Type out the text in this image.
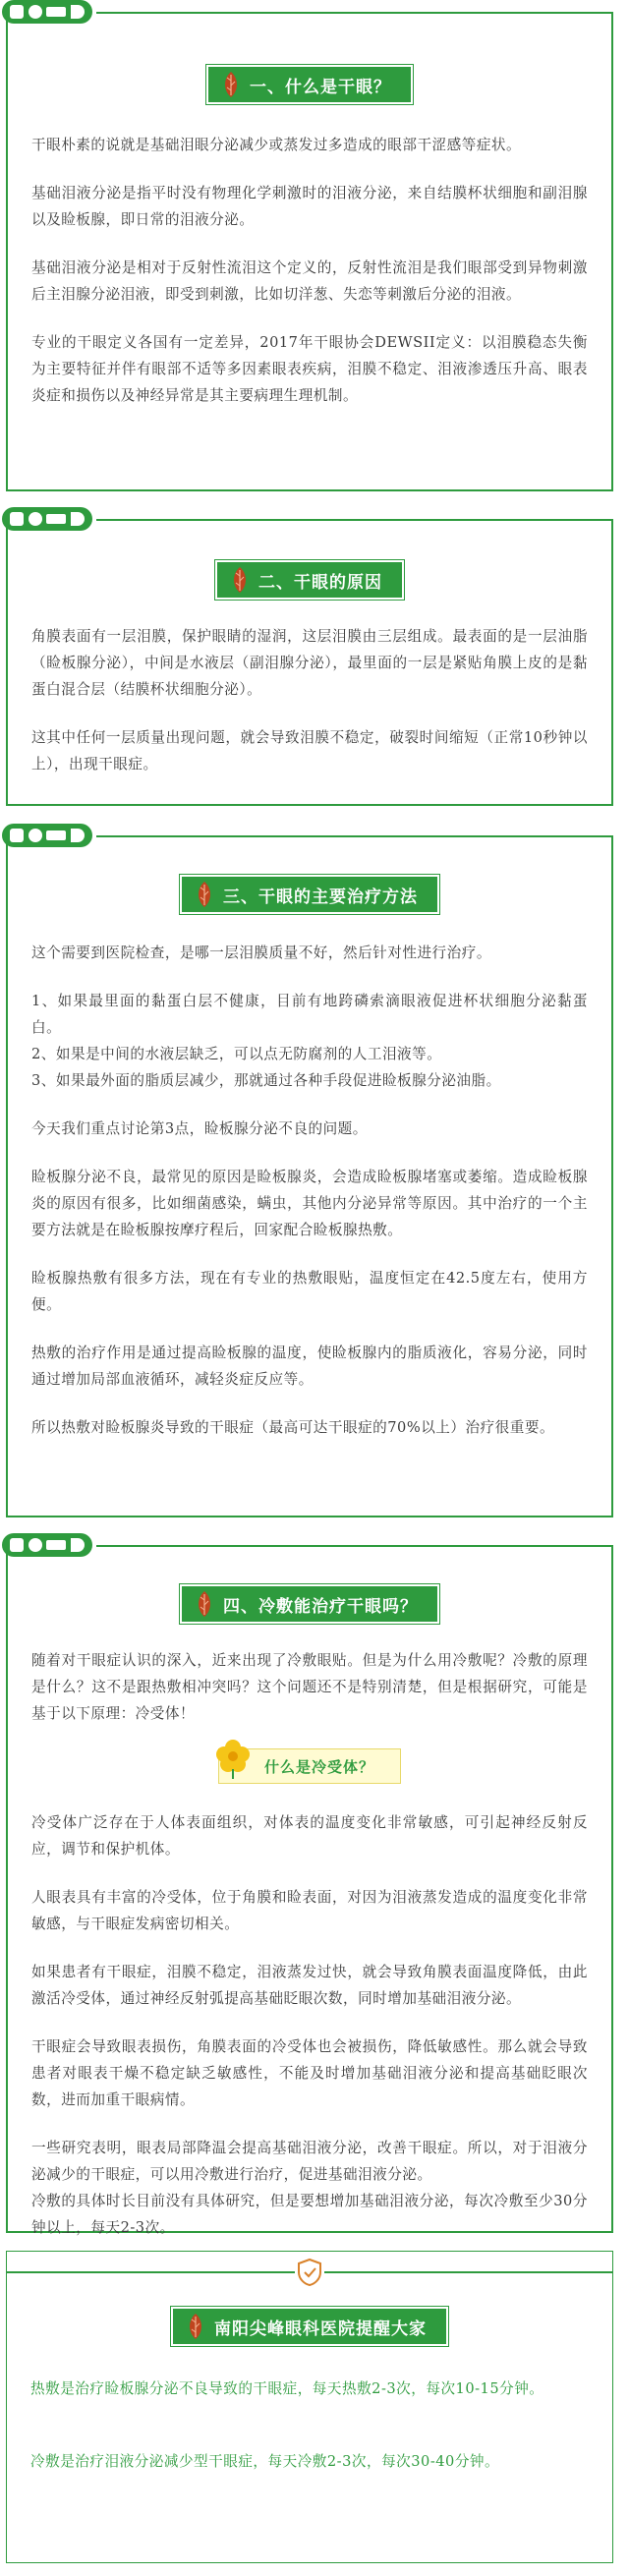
一、什么是干眼？

干眼朴素的说就是基础泪眼分泌减少或蒸发过多造成的眼部干涩感等症状。

基础泪液分泌是指平时没有物理化学刺激时的泪液分泌，来自结膜杯状细胞和副泪腺以及睑板腺，即日常的泪液分泌。

基础泪液分泌是相对于反射性流泪这个定义的，反射性流泪是我们眼部受到异物刺激后主泪腺分泌泪液，即受到刺激，比如切洋葱、失恋等刺激后分泌的泪液。

专业的干眼定义各国有一定差异，2017年干眼协会DEWSII定义：以泪膜稳态失衡为主要特征并伴有眼部不适等多因素眼表疾病，泪膜不稳定、泪液渗透压升高、眼表炎症和损伤以及神经异常是其主要病理生理机制。

二、干眼的原因

角膜表面有一层泪膜，保护眼睛的湿润，这层泪膜由三层组成。最表面的是一层油脂（睑板腺分泌），中间是水液层（副泪腺分泌），最里面的一层是紧贴角膜上皮的是黏蛋白混合层（结膜杯状细胞分泌）。

这其中任何一层质量出现问题，就会导致泪膜不稳定，破裂时间缩短（正常10秒钟以上），出现干眼症。

三、干眼的主要治疗方法

这个需要到医院检查，是哪一层泪膜质量不好，然后针对性进行治疗。

1、如果最里面的黏蛋白层不健康，目前有地跨磷索滴眼液促进杯状细胞分泌黏蛋白。

2、如果是中间的水液层缺乏，可以点无防腐剂的人工泪液等。

3、如果最外面的脂质层减少，那就通过各种手段促进睑板腺分泌油脂。

今天我们重点讨论第3点，睑板腺分泌不良的问题。

睑板腺分泌不良，最常见的原因是睑板腺炎，会造成睑板腺堵塞或萎缩。造成睑板腺炎的原因有很多，比如细菌感染，螨虫，其他内分泌异常等原因。其中治疗的一个主要方法就是在睑板腺按摩疗程后，回家配合睑板腺热敷。

睑板腺热敷有很多方法，现在有专业的热敷眼贴，温度恒定在42.5度左右，使用方便。

热敷的治疗作用是通过提高睑板腺的温度，使睑板腺内的脂质液化，容易分泌，同时通过增加局部血液循环，减轻炎症反应等。

所以热敷对睑板腺炎导致的干眼症（最高可达干眼症的70%以上）治疗很重要。

四、冷敷能治疗干眼吗？

随着对干眼症认识的深入，近来出现了冷敷眼贴。但是为什么用冷敷呢？冷敷的原理是什么？这不是跟热敷相冲突吗？这个问题还不是特别清楚，但是根据研究，可能是基于以下原理：冷受体！

什么是冷受体？

冷受体广泛存在于人体表面组织，对体表的温度变化非常敏感，可引起神经反射反应，调节和保护机体。

人眼表具有丰富的冷受体，位于角膜和睑表面，对因为泪液蒸发造成的温度变化非常敏感，与干眼症发病密切相关。

如果患者有干眼症，泪膜不稳定，泪液蒸发过快，就会导致角膜表面温度降低，由此激活冷受体，通过神经反射弧提高基础眨眼次数，同时增加基础泪液分泌。

干眼症会导致眼表损伤，角膜表面的冷受体也会被损伤，降低敏感性。那么就会导致患者对眼表干燥不稳定缺乏敏感性，不能及时增加基础泪液分泌和提高基础眨眼次数，进而加重干眼病情。

一些研究表明，眼表局部降温会提高基础泪液分泌，改善干眼症。所以，对于泪液分泌减少的干眼症，可以用冷敷进行治疗，促进基础泪液分泌。

冷敷的具体时长目前没有具体研究，但是要想增加基础泪液分泌，每次冷敷至少30分钟以上，每天2-3次。

南阳尖峰眼科医院提醒大家

热敷是治疗睑板腺分泌不良导致的干眼症，每天热敷2-3次，每次10-15分钟。

冷敷是治疗泪液分泌减少型干眼症，每天冷敷2-3次，每次30-40分钟。
